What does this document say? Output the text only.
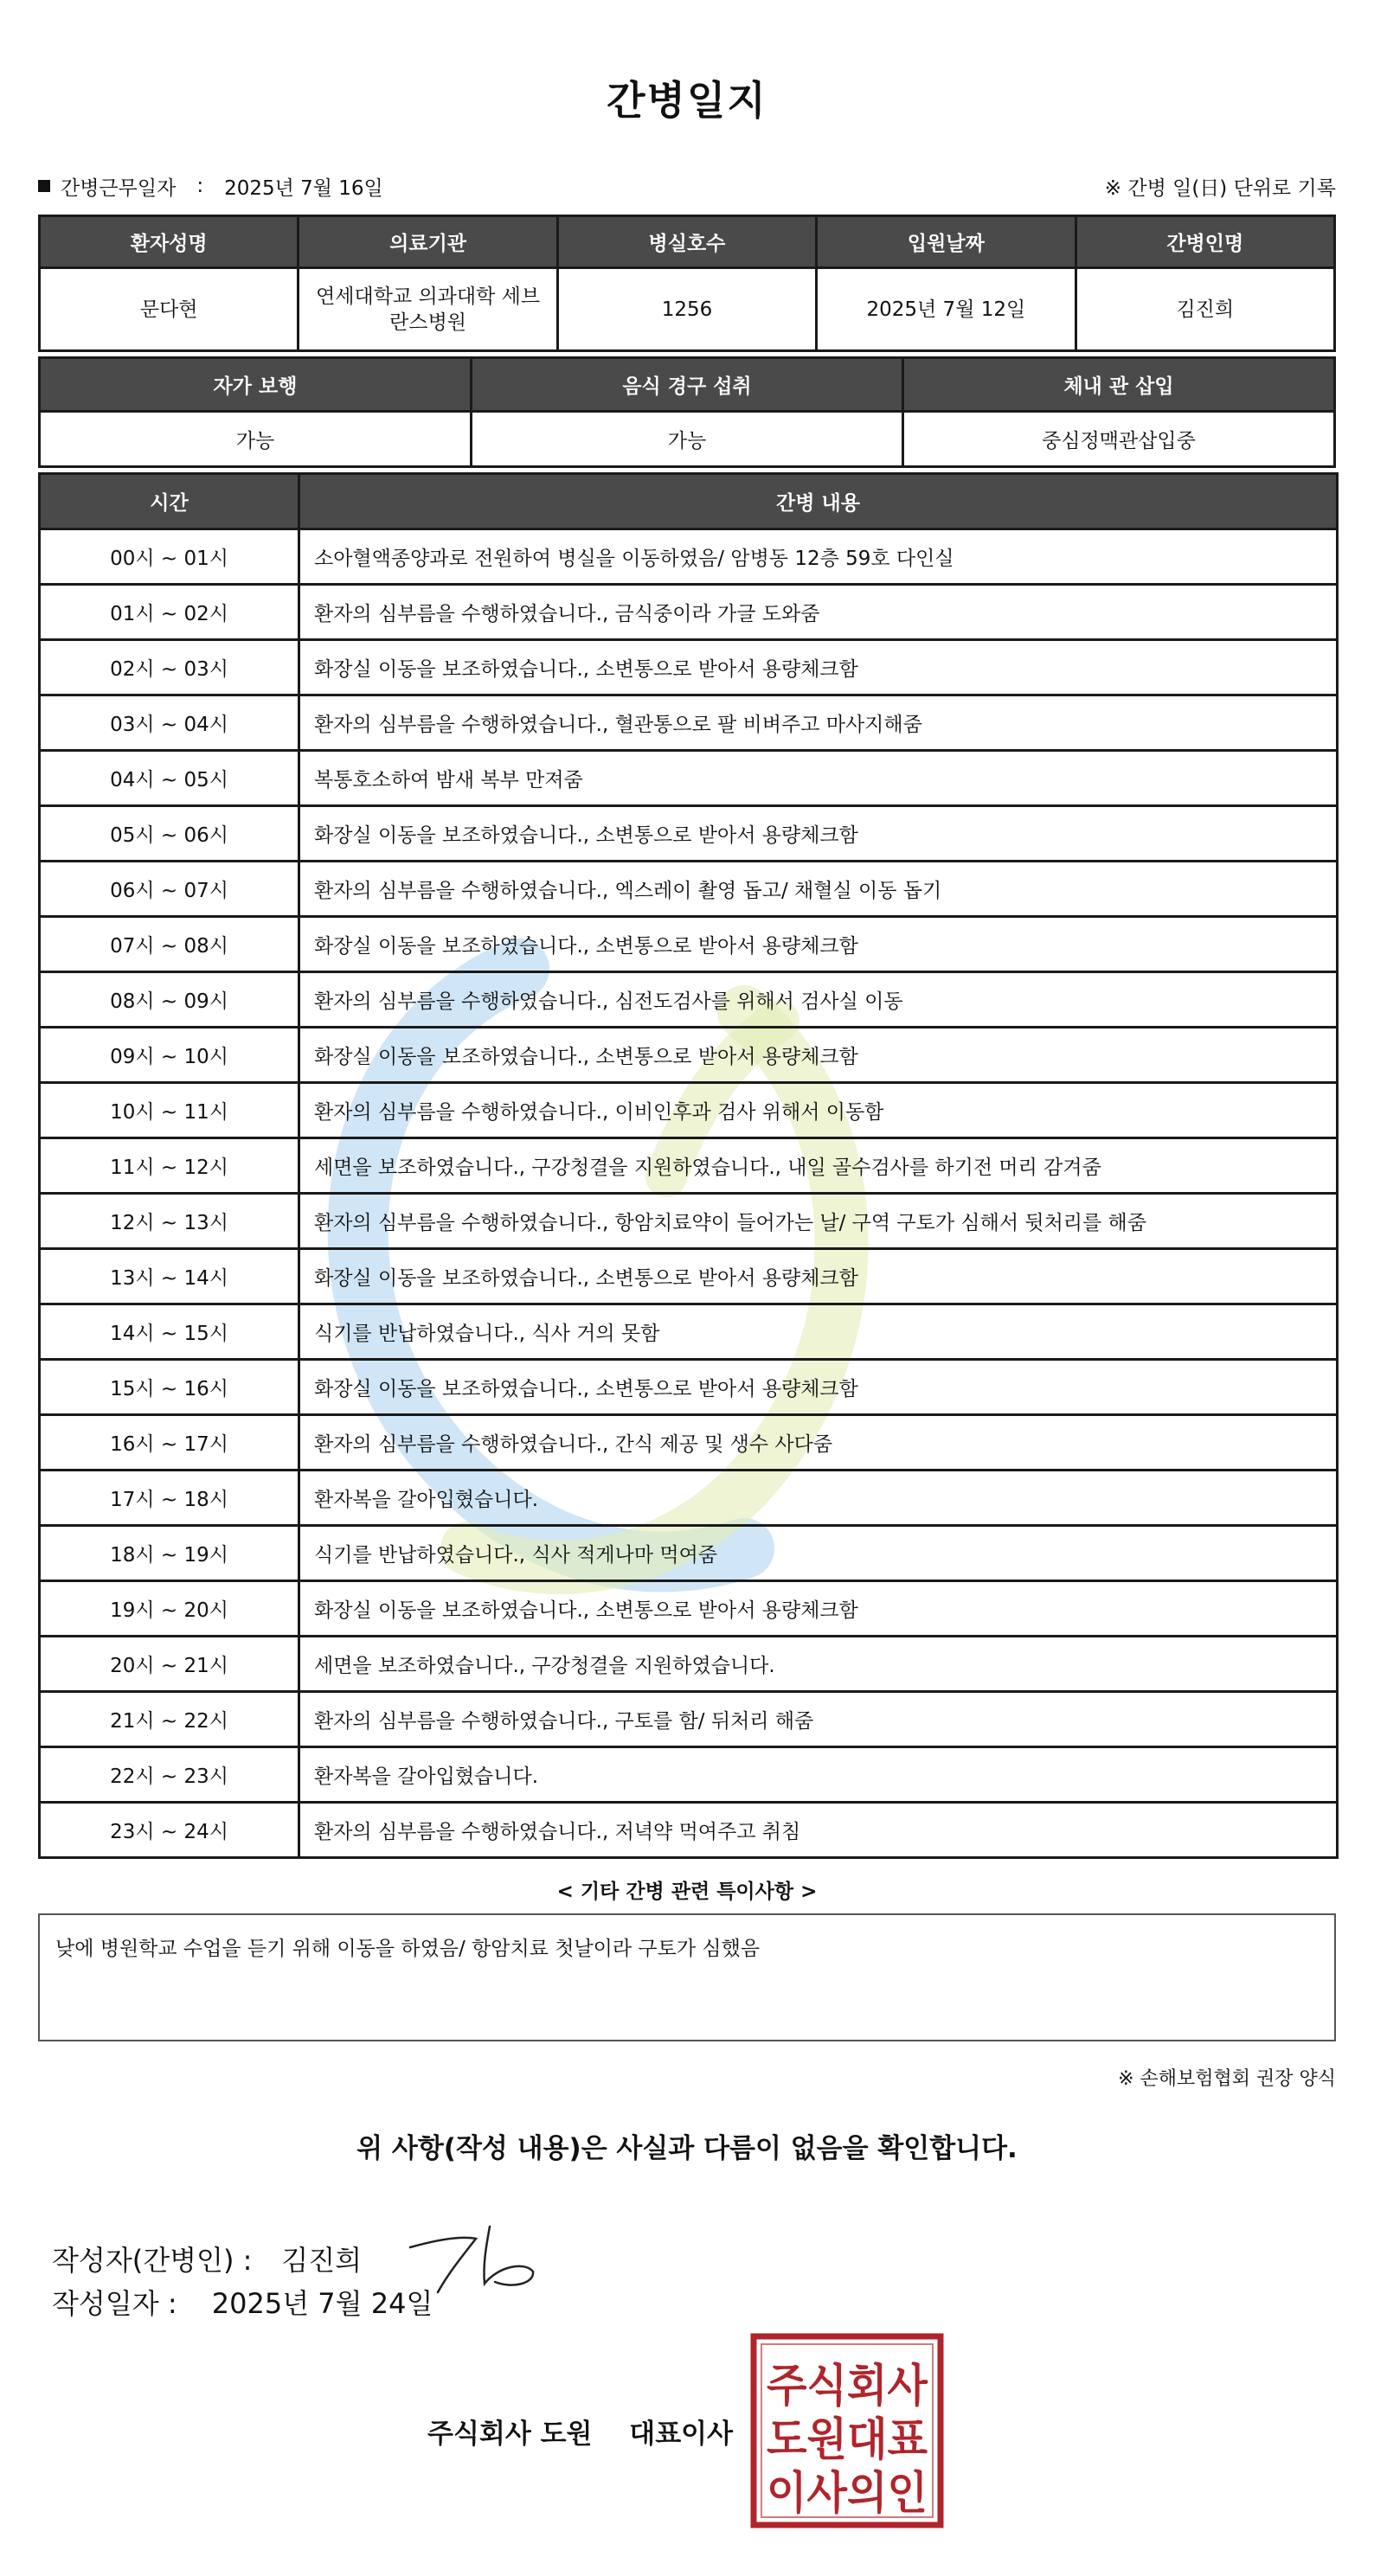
간병일지
간병근무일자 : 2025년 7월 16일	※ 간병 일(日) 단위로 기록
환자성명	의료기관	병실호수	입원날짜	간병인명
문다현	연세대학교 의과대학 세브란스병원	1256	2025년 7월 12일	김진희
자가 보행	음식 경구 섭취	체내 관 삽입
가능	가능	중심정맥관삽입중
시간	간병 내용
00시 ~ 01시	소아혈액종양과로 전원하여 병실을 이동하였음/ 암병동 12층 59호 다인실
01시 ~ 02시	환자의 심부름을 수행하였습니다., 금식중이라 가글 도와줌
02시 ~ 03시	화장실 이동을 보조하였습니다., 소변통으로 받아서 용량체크함
03시 ~ 04시	환자의 심부름을 수행하였습니다., 혈관통으로 팔 비벼주고 마사지해줌
04시 ~ 05시	복통호소하여 밤새 복부 만져줌
05시 ~ 06시	화장실 이동을 보조하였습니다., 소변통으로 받아서 용량체크함
06시 ~ 07시	환자의 심부름을 수행하였습니다., 엑스레이 촬영 돕고/ 채혈실 이동 돕기
07시 ~ 08시	화장실 이동을 보조하였습니다., 소변통으로 받아서 용량체크함
08시 ~ 09시	환자의 심부름을 수행하였습니다., 심전도검사를 위해서 검사실 이동
09시 ~ 10시	화장실 이동을 보조하였습니다., 소변통으로 받아서 용량체크함
10시 ~ 11시	환자의 심부름을 수행하였습니다., 이비인후과 검사 위해서 이동함
11시 ~ 12시	세면을 보조하였습니다., 구강청결을 지원하였습니다., 내일 골수검사를 하기전 머리 감겨줌
12시 ~ 13시	환자의 심부름을 수행하였습니다., 항암치료약이 들어가는 날/ 구역 구토가 심해서 뒷처리를 해줌
13시 ~ 14시	화장실 이동을 보조하였습니다., 소변통으로 받아서 용량체크함
14시 ~ 15시	식기를 반납하였습니다., 식사 거의 못함
15시 ~ 16시	화장실 이동을 보조하였습니다., 소변통으로 받아서 용량체크함
16시 ~ 17시	환자의 심부름을 수행하였습니다., 간식 제공 및 생수 사다줌
17시 ~ 18시	환자복을 갈아입혔습니다.
18시 ~ 19시	식기를 반납하였습니다., 식사 적게나마 먹여줌
19시 ~ 20시	화장실 이동을 보조하였습니다., 소변통으로 받아서 용량체크함
20시 ~ 21시	세면을 보조하였습니다., 구강청결을 지원하였습니다.
21시 ~ 22시	환자의 심부름을 수행하였습니다., 구토를 함/ 뒤처리 해줌
22시 ~ 23시	환자복을 갈아입혔습니다.
23시 ~ 24시	환자의 심부름을 수행하였습니다., 저녁약 먹여주고 취침
< 기타 간병 관련 특이사항 >
낮에 병원학교 수업을 듣기 위해 이동을 하였음/ 항암치료 첫날이라 구토가 심했음
※ 손해보험협회 권장 양식
위 사항(작성 내용)은 사실과 다름이 없음을 확인합니다.
작성자(간병인) : 김진희
작성일자 : 2025년 7월 24일
주식회사 도원 대표이사
주식회사
도원대표
이사의인
